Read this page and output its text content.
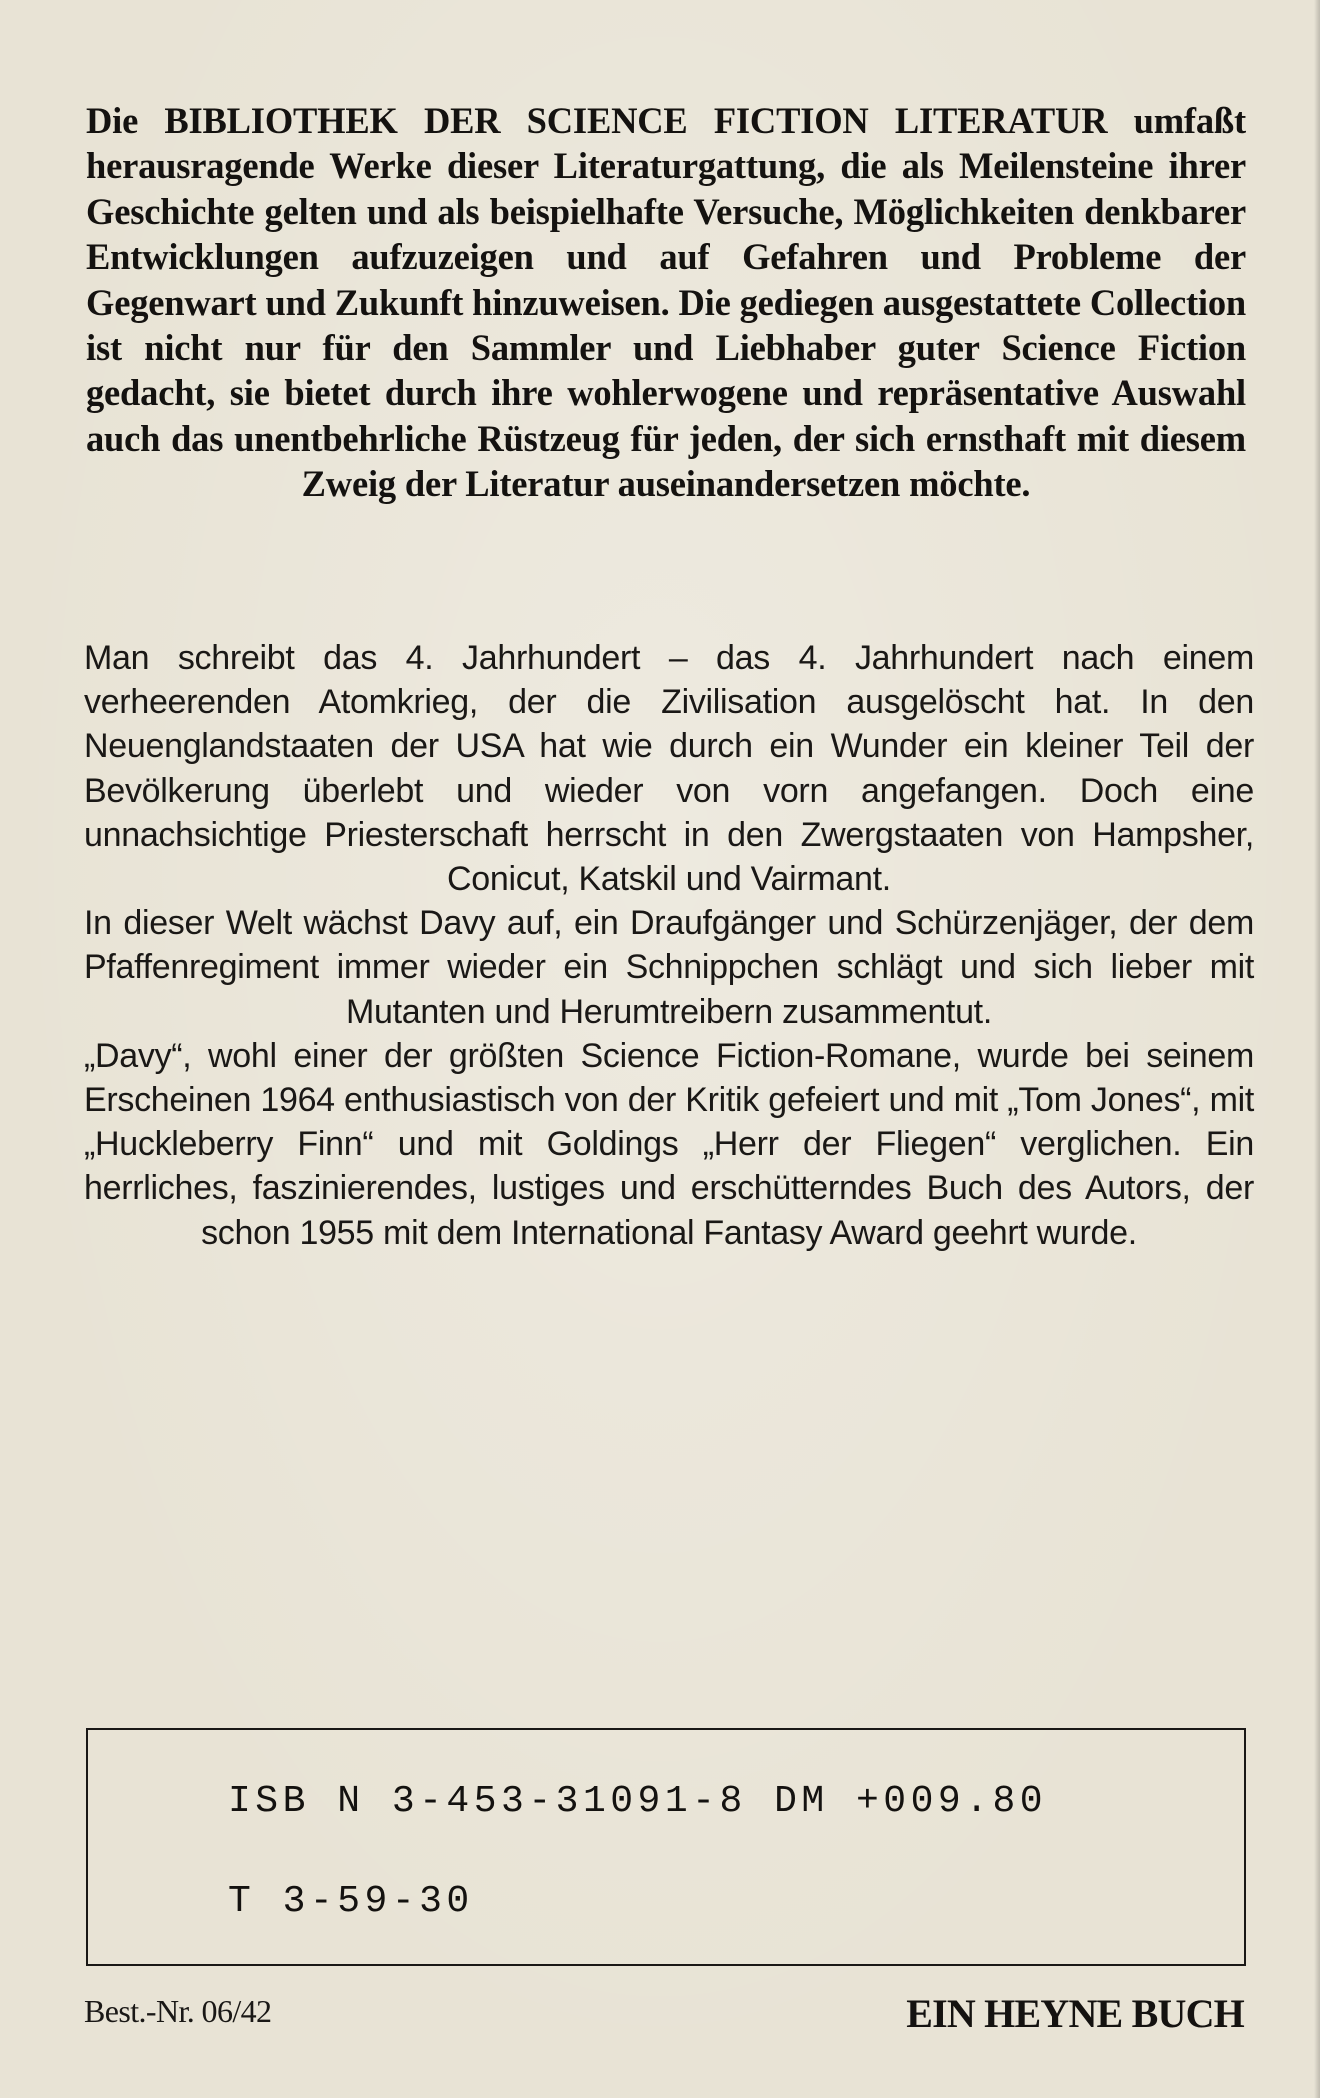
Die BIBLIOTHEK DER SCIENCE FICTION LITERATUR umfaßt herausragende Werke dieser Literaturgattung, die als Meilensteine ihrer Geschichte gelten und als beispielhafte Versuche, Möglichkeiten denkbarer Entwicklungen aufzuzeigen und auf Gefahren und Probleme der Gegenwart und Zukunft hinzuweisen. Die gediegen ausgestattete Collection ist nicht nur für den Sammler und Liebhaber guter Science Fiction gedacht, sie bietet durch ihre wohlerwogene und repräsentative Auswahl auch das unentbehrliche Rüstzeug für jeden, der sich ernsthaft mit diesem Zweig der Literatur auseinandersetzen möchte.

Man schreibt das 4. Jahrhundert – das 4. Jahrhundert nach einem verheerenden Atomkrieg, der die Zivilisation ausgelöscht hat. In den Neuenglandstaaten der USA hat wie durch ein Wunder ein kleiner Teil der Bevölkerung überlebt und wieder von vorn angefangen. Doch eine unnachsichtige Priesterschaft herrscht in den Zwergstaaten von Hampsher, Conicut, Katskil und Vairmant.

In dieser Welt wächst Davy auf, ein Draufgänger und Schürzenjäger, der dem Pfaffenregiment immer wieder ein Schnippchen schlägt und sich lieber mit Mutanten und Herumtreibern zusammentut.

„Davy“, wohl einer der größten Science Fiction-Romane, wurde bei seinem Erscheinen 1964 enthusiastisch von der Kritik gefeiert und mit „Tom Jones“, mit „Huckleberry Finn“ und mit Goldings „Herr der Fliegen“ verglichen. Ein herrliches, faszinierendes, lustiges und erschütterndes Buch des Autors, der schon 1955 mit dem International Fantasy Award geehrt wurde.

ISB N 3-453-31091-8 DM +009.80
T 3-59-30
Best.-Nr. 06/42	EIN HEYNE BUCH
